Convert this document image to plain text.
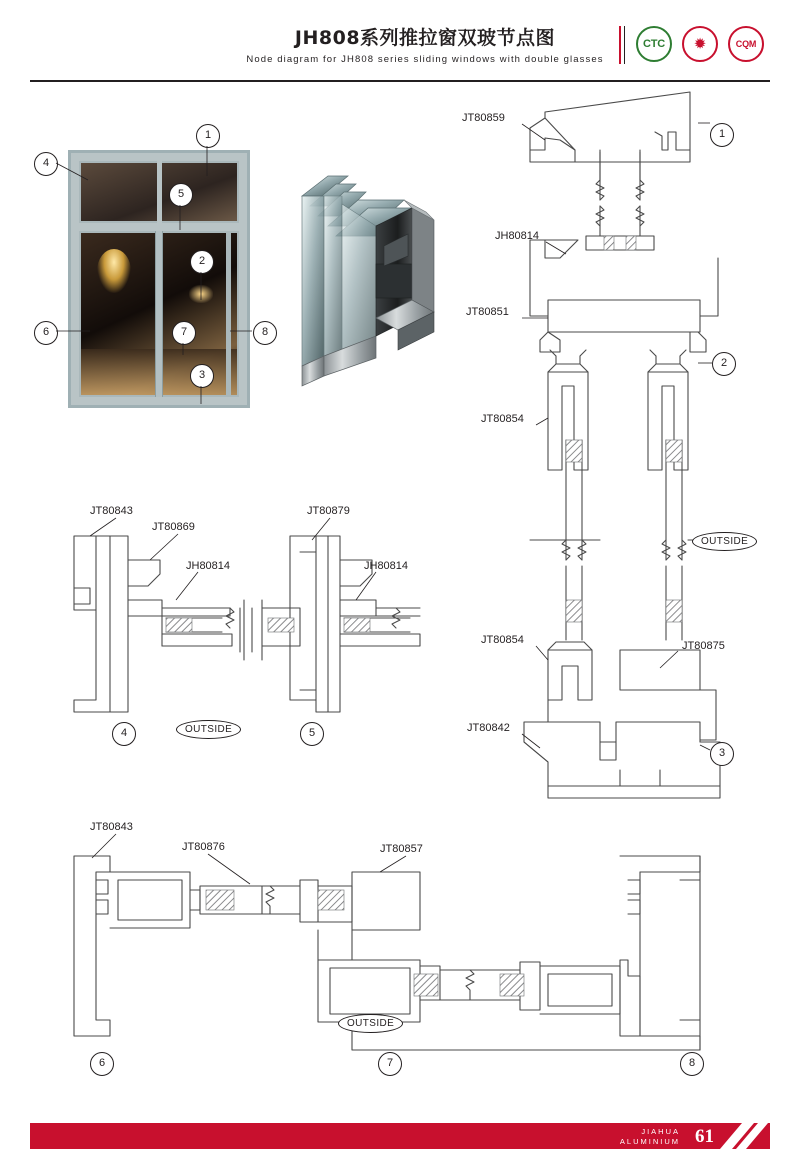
JH808系列推拉窗双玻节点图
Node diagram for JH808 series sliding windows with double glasses
CTC ✹	CQM
1
4
5
2
6	7	8
3
JT80859
JH80814
JT80851
JT80854
JT80854	JT80875
JT80842
1
2
3
OUTSIDE
JT80843
JT80869
JH80814
JT80879
JH80814
4	5
OUTSIDE
JT80843
JT80876	JT80857
6	7	8
OUTSIDE
JIAHUA
ALUMINIUM 61
